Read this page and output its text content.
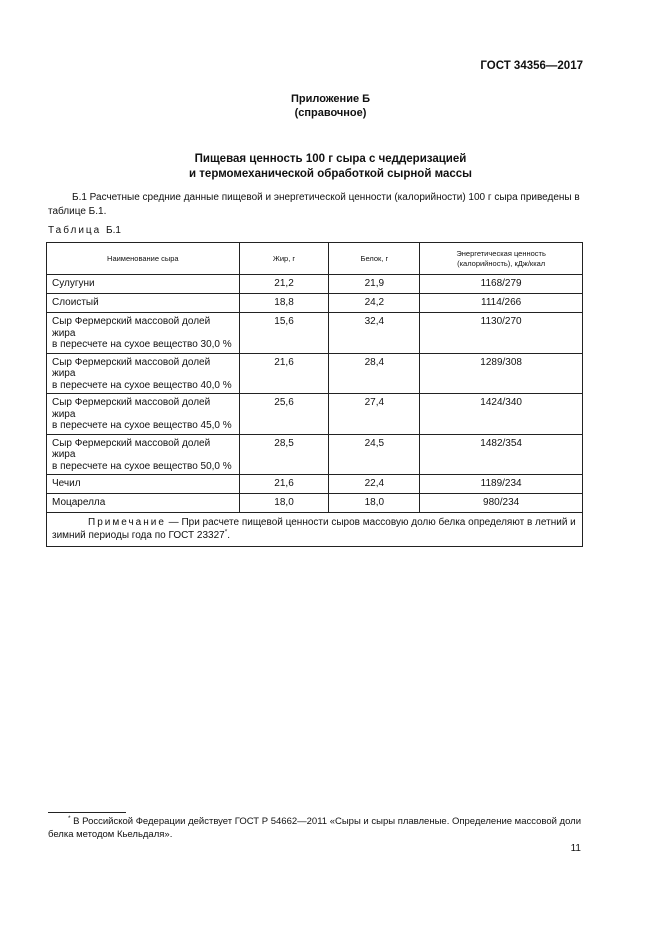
ГОСТ 34356—2017
Приложение Б
(справочное)
Пищевая ценность 100 г сыра с чеддеризацией
и термомеханической обработкой сырной массы
Б.1 Расчетные средние данные пищевой и энергетической ценности (калорийности) 100 г сыра приведены в таблице Б.1.
Таблица Б.1
Наименование сыра	Жир, г	Белок, г	Энергетическая ценность
(калорийность), кДж/ккал

Сулугуни	21,2	21,9	1168/279
Слоистый	18,8	24,2	1114/266

Сыр Фермерский массовой долей жира
в пересчете на сухое вещество 30,0 %	15,6	32,4	1130/270

Сыр Фермерский массовой долей жира
в пересчете на сухое вещество 40,0 %	21,6	28,4	1289/308

Сыр Фермерский массовой долей жира
в пересчете на сухое вещество 45,0 %	25,6	27,4	1424/340

Сыр Фермерский массовой долей жира
в пересчете на сухое вещество 50,0 %	28,5	24,5	1482/354
Чечил	21,6	22,4	1189/234
Моцарелла	18,0	18,0	980/234
Примечание — При расчете пищевой ценности сыров массовую долю белка определяют в летний и зимний периоды года по ГОСТ 23327*.			
* В Российской Федерации действует ГОСТ Р 54662—2011 «Сыры и сыры плавленые. Определение массовой доли белка методом Кьельдаля».
11
